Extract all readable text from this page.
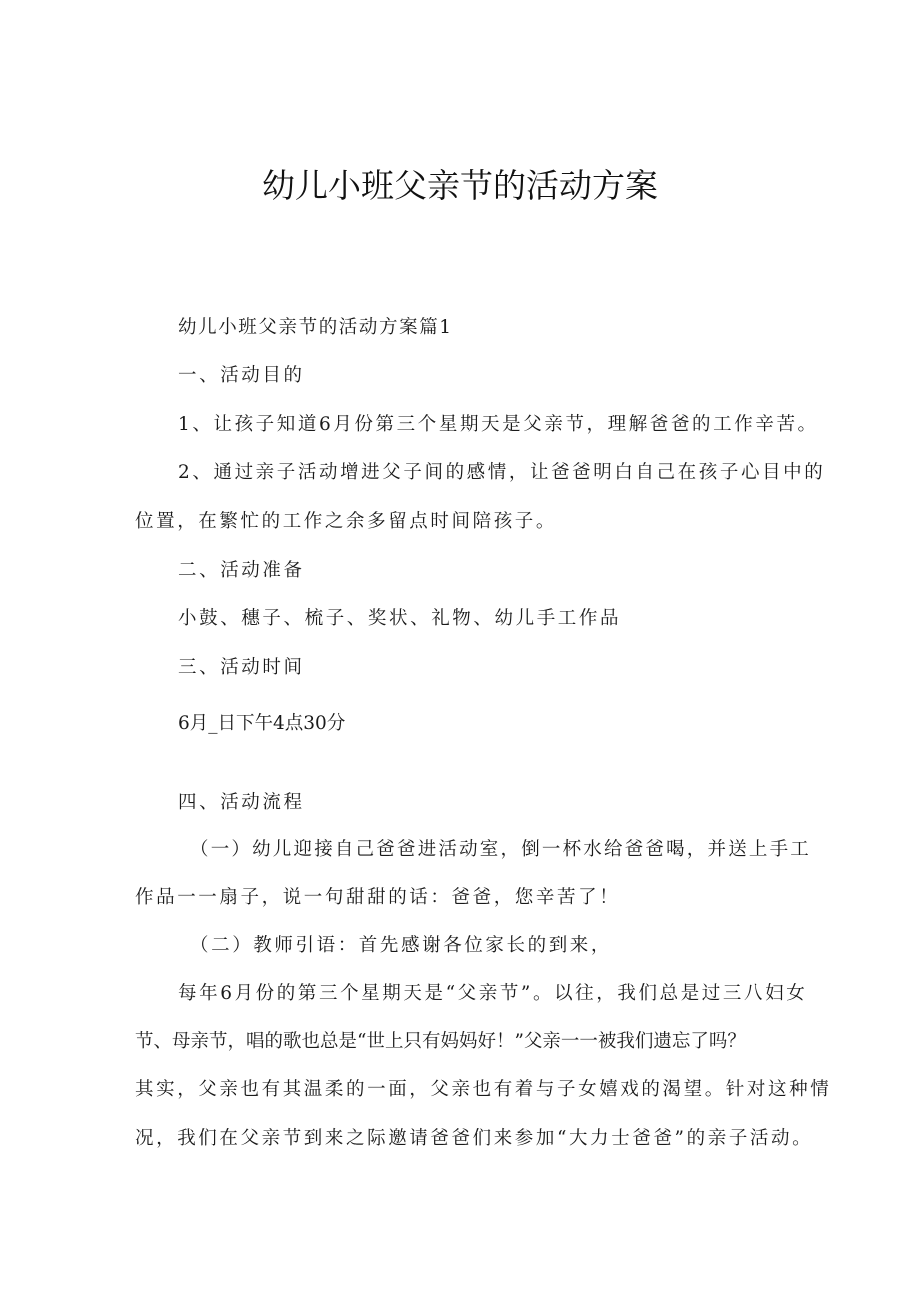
幼儿小班父亲节的活动方案

幼儿小班父亲节的活动方案篇1

一、活动目的

1、让孩子知道6月份第三个星期天是父亲节，理解爸爸的工作辛苦。

2、通过亲子活动增进父子间的感情，让爸爸明白自己在孩子心目中的

位置，在繁忙的工作之余多留点时间陪孩子。

二、活动准备

小鼓、穗子、梳子、奖状、礼物、幼儿手工作品

三、活动时间

6月_日下午4点30分

四、活动流程

（一）幼儿迎接自己爸爸进活动室，倒一杯水给爸爸喝，并送上手工

作品一一扇子，说一句甜甜的话：爸爸，您辛苦了！

（二）教师引语：首先感谢各位家长的到来，

每年6月份的第三个星期天是“父亲节”。以往，我们总是过三八妇女

节、母亲节，唱的歌也总是“世上只有妈妈好！”父亲一一被我们遗忘了吗？

其实，父亲也有其温柔的一面，父亲也有着与子女嬉戏的渴望。针对这种情

况，我们在父亲节到来之际邀请爸爸们来参加“大力士爸爸”的亲子活动。
